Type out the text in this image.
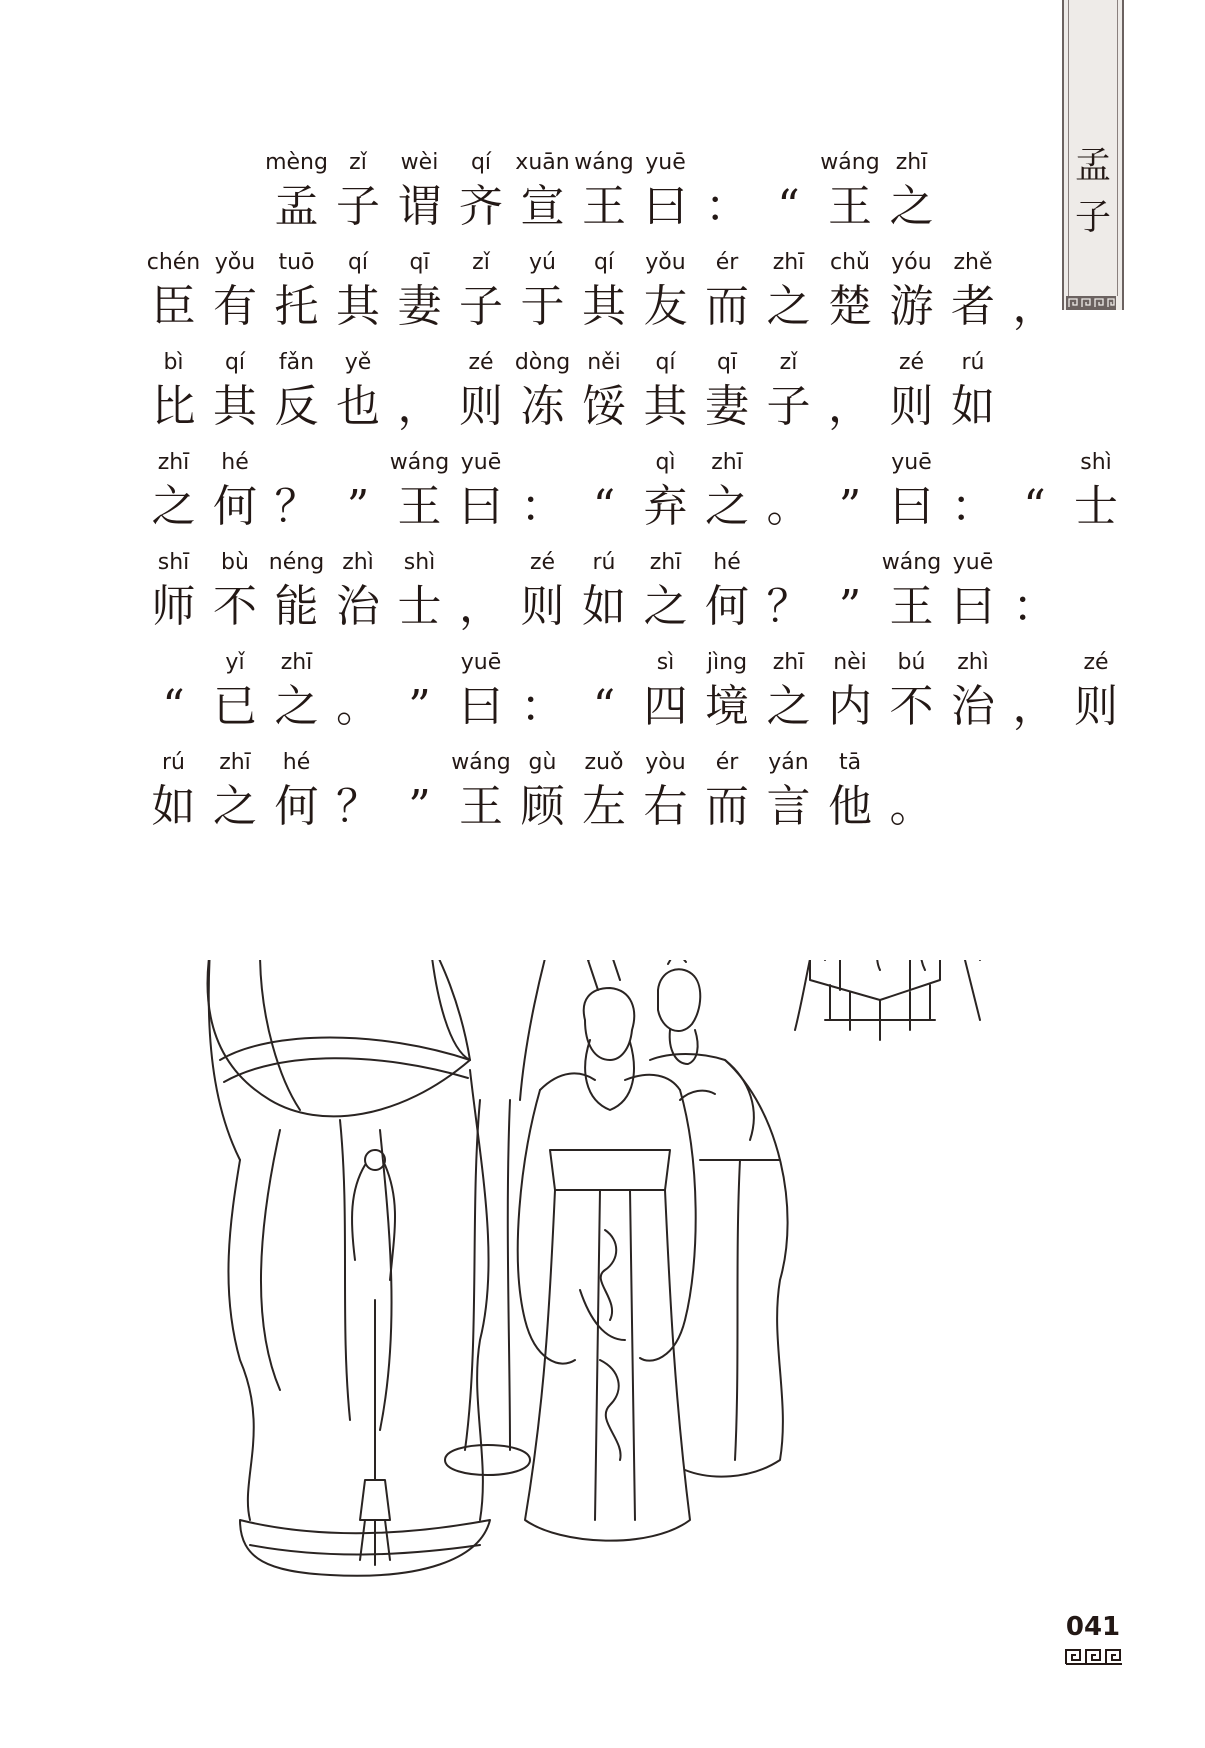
孟
子
mèng
孟
zǐ
子
wèi
谓
qí
齐
xuān
宣
wáng
王
yuē
曰 ： “
wáng
王
zhī
之
chén
臣
yǒu
有
tuō
托
qí
其
qī
妻
zǐ
子
yú
于
qí
其
yǒu
友
ér
而
zhī
之
chǔ
楚
yóu
游
zhě
者 ，
bì
比
qí
其
fǎn
反
yě
也 ，
zé
则
dòng
冻
něi
馁
qí
其
qī
妻
zǐ
子 ，
zé
则
rú
如
zhī
之
hé
何 ？ ”
wáng
王
yuē
曰 ： “
qì
弃
zhī
之 。 ”
yuē
曰 ： “
shì
士
shī
师
bù
不
néng
能
zhì
治
shì
士 ，
zé
则
rú
如
zhī
之
hé
何 ？ ”
wáng
王
yuē
曰 ：
“
yǐ
已
zhī
之 。 ”
yuē
曰 ： “
sì
四
jìng
境
zhī
之
nèi
内
bú
不
zhì
治 ，
zé
则
rú
如
zhī
之
hé
何 ？ ”
wáng
王
gù
顾
zuǒ
左
yòu
右
ér
而
yán
言
tā
他 。
041
